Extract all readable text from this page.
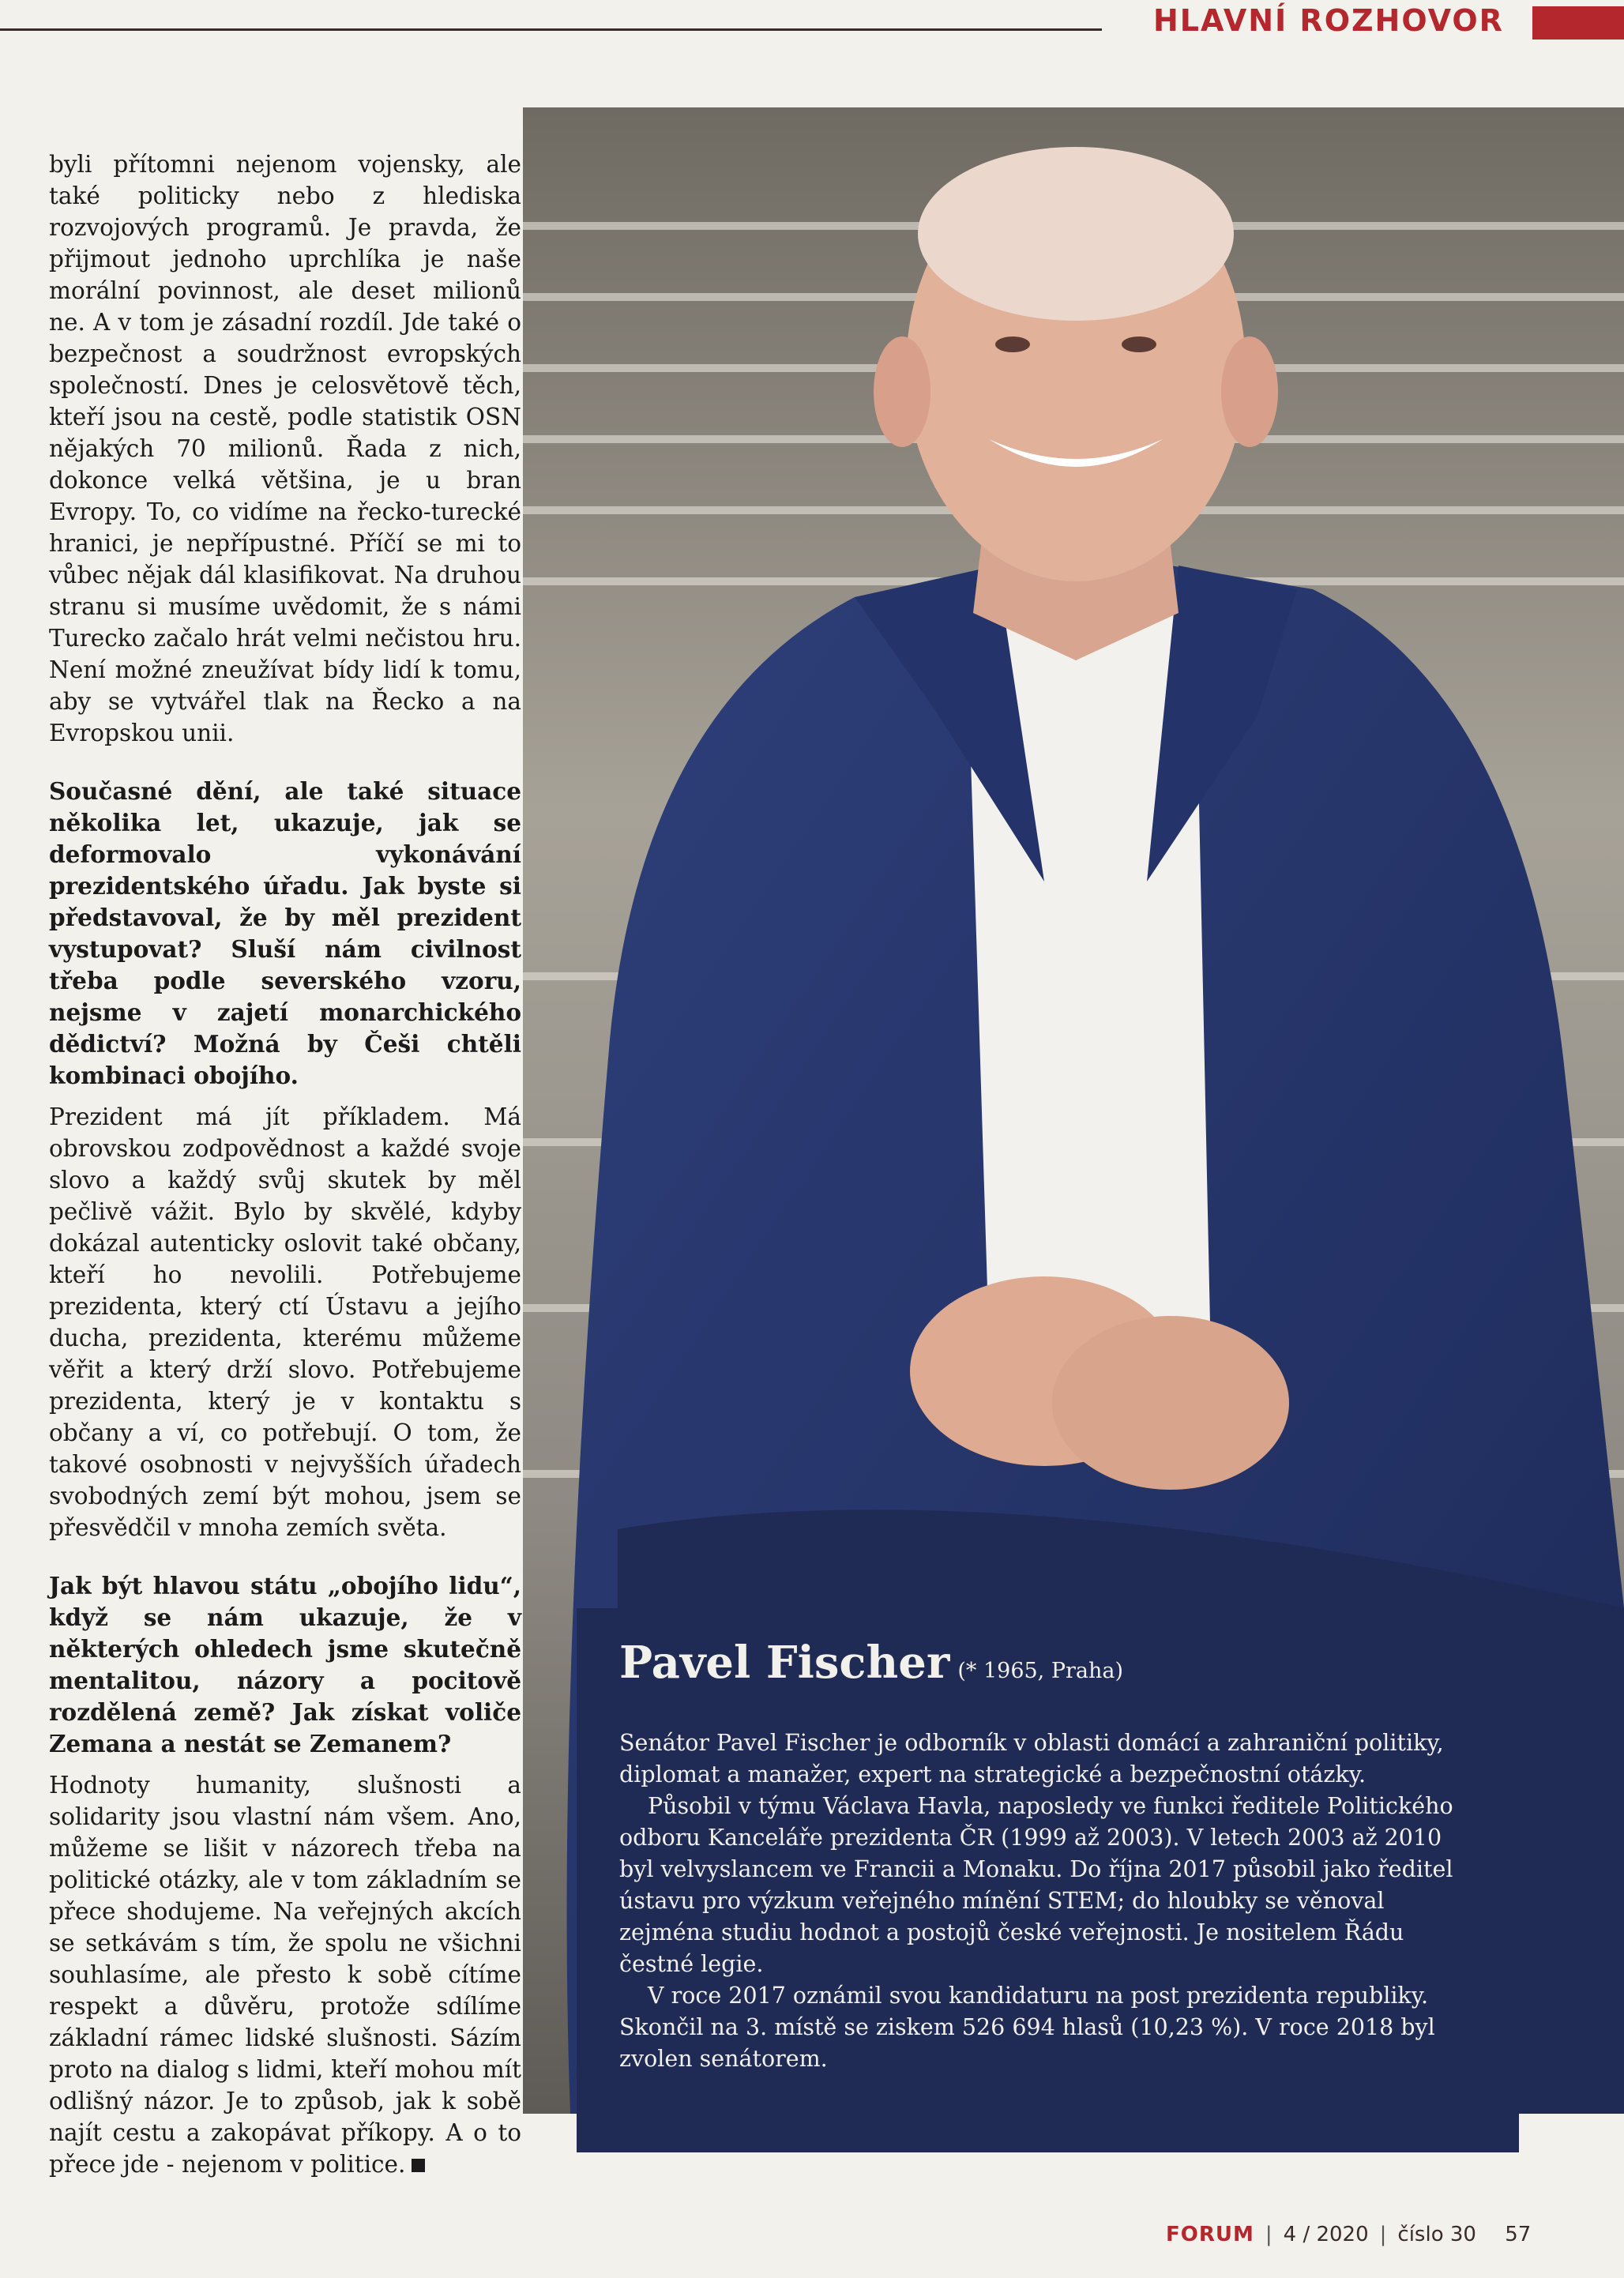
HLAVNÍ ROZHOVOR

byli přítomni nejenom vojensky, ale také politicky nebo z hlediska rozvojových programů. Je pravda, že přijmout jednoho uprchlíka je naše morální povinnost, ale deset milionů ne. A v tom je zásadní rozdíl. Jde také o bezpečnost a soudržnost evropských společností. Dnes je celosvětově těch, kteří jsou na cestě, podle statistik OSN nějakých 70 milionů. Řada z nich, dokonce velká většina, je u bran Evropy. To, co vidíme na řecko-turecké hranici, je nepřípustné. Příčí se mi to vůbec nějak dál klasifikovat. Na druhou stranu si musíme uvědomit, že s námi Turecko začalo hrát velmi nečistou hru. Není možné zneužívat bídy lidí k tomu, aby se vytvářel tlak na Řecko a na Evropskou unii.

Současné dění, ale také situace několika let, ukazuje, jak se deformovalo vykonávání prezidentského úřadu. Jak byste si představoval, že by měl prezident vystupovat? Sluší nám civilnost třeba podle severského vzoru, nejsme v zajetí monarchického dědictví? Možná by Češi chtěli kombinaci obojího.

Prezident má jít příkladem. Má obrovskou zodpovědnost a každé svoje slovo a každý svůj skutek by měl pečlivě vážit. Bylo by skvělé, kdyby dokázal autenticky oslovit také občany, kteří ho nevolili. Potřebujeme prezidenta, který ctí Ústavu a jejího ducha, prezidenta, kterému můžeme věřit a který drží slovo. Potřebujeme prezidenta, který je v kontaktu s občany a ví, co potřebují. O tom, že takové osobnosti v nejvyšších úřadech svobodných zemí být mohou, jsem se přesvědčil v mnoha zemích světa.

Jak být hlavou státu „obojího lidu“, když se nám ukazuje, že v některých ohledech jsme skutečně mentalitou, názory a pocitově rozdělená země? Jak získat voliče Zemana a nestát se Zemanem?

Hodnoty humanity, slušnosti a solidarity jsou vlastní nám všem. Ano, můžeme se lišit v názorech třeba na politické otázky, ale v tom základním se přece shodujeme. Na veřejných akcích se setkávám s tím, že spolu ne všichni souhlasíme, ale přesto k sobě cítíme respekt a důvěru, protože sdílíme základní rámec lidské slušnosti. Sázím proto na dialog s lidmi, kteří mohou mít odlišný názor. Je to způsob, jak k sobě najít cestu a zakopávat příkopy. A o to přece jde - nejenom v politice.

Pavel Fischer (* 1965, Praha)

Senátor Pavel Fischer je odborník v oblasti domácí a zahraniční politiky, diplomat a manažer, expert na strategické a bezpečnostní otázky.

Působil v týmu Václava Havla, naposledy ve funkci ředitele Politického odboru Kanceláře prezidenta ČR (1999 až 2003). V letech 2003 až 2010 byl velvyslancem ve Francii a Monaku. Do října 2017 působil jako ředitel ústavu pro výzkum veřejného mínění STEM; do hloubky se věnoval zejména studiu hodnot a postojů české veřejnosti. Je nositelem Řádu čestné legie.

V roce 2017 oznámil svou kandidaturu na post prezidenta republiky. Skončil na 3. místě se ziskem 526 694 hlasů (10,23 %). V roce 2018 byl zvolen senátorem.

FORUM | 4 / 2020 | číslo 30 57
